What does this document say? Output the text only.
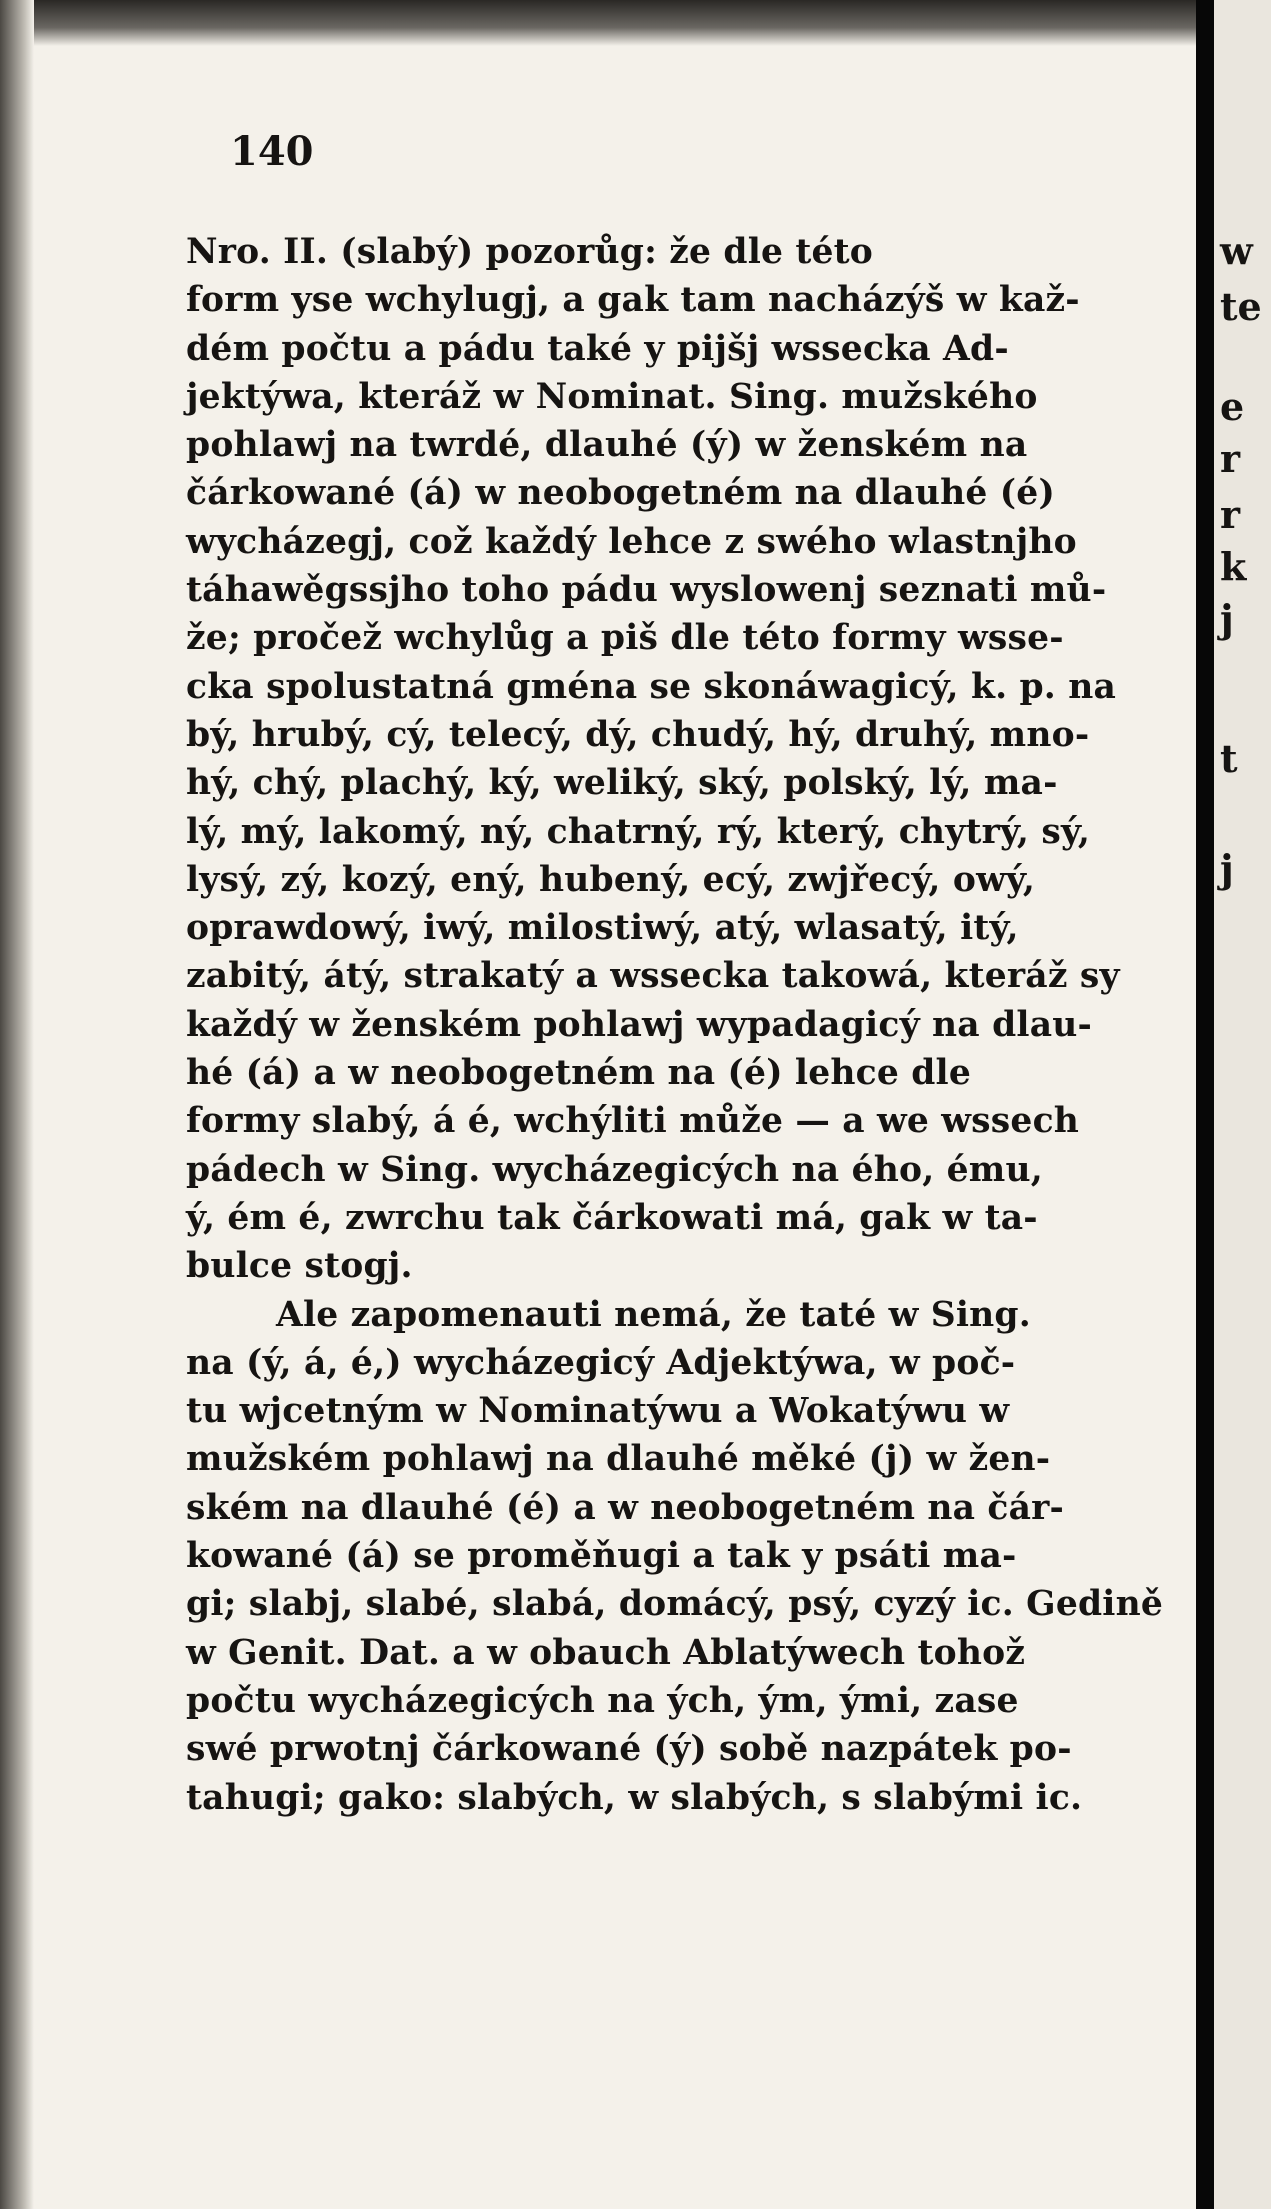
w
te
e
r
r
k
j
t
j
140
Nro. II. (slabý) pozorůg: že dle této
form yse wchylugj, a gak tam nacházýš w kaž-
dém počtu a pádu také y pijšj wssecka Ad-
jektýwa, kteráž w Nominat. Sing. mužského
pohlawj na twrdé, dlauhé (ý) w ženském na
čárkowané (á) w neobogetném na dlauhé (é)
wycházegj, což každý lehce z swého wlastnjho
táhawěgssjho toho pádu wyslowenj seznati mů-
že; pročež wchylůg a piš dle této formy wsse-
cka spolustatná gména se skonáwagicý, k. p. na
bý, hrubý, cý, telecý, dý, chudý, hý, druhý, mno-
hý, chý, plachý, ký, weliký, ský, polský, lý, ma-
lý, mý, lakomý, ný, chatrný, rý, který, chytrý, sý,
lysý, zý, kozý, ený, hubený, ecý, zwjřecý, owý,
oprawdowý, iwý, milostiwý, atý, wlasatý, itý,
zabitý, átý, strakatý a wssecka takowá, kteráž sy
každý w ženském pohlawj wypadagicý na dlau-
hé (á) a w neobogetném na (é) lehce dle
formy slabý, á é, wchýliti může — a we wssech
pádech w Sing. wycházegicých na ého, ému,
ý, ém é, zwrchu tak čárkowati má, gak w ta-
bulce stogj.
Ale zapomenauti nemá, že taté w Sing.
na (ý, á, é,) wycházegicý Adjektýwa, w poč-
tu wjcetným w Nominatýwu a Wokatýwu w
mužském pohlawj na dlauhé měké (j) w žen-
ském na dlauhé (é) a w neobogetném na čár-
kowané (á) se proměňugi a tak y psáti ma-
gi; slabj, slabé, slabá, domácý, psý, cyzý ic. Gedině
w Genit. Dat. a w obauch Ablatýwech tohož
počtu wycházegicých na ých, ým, ými, zase
swé prwotnj čárkowané (ý) sobě nazpátek po-
tahugi; gako: slabých, w slabých, s slabými ic.
